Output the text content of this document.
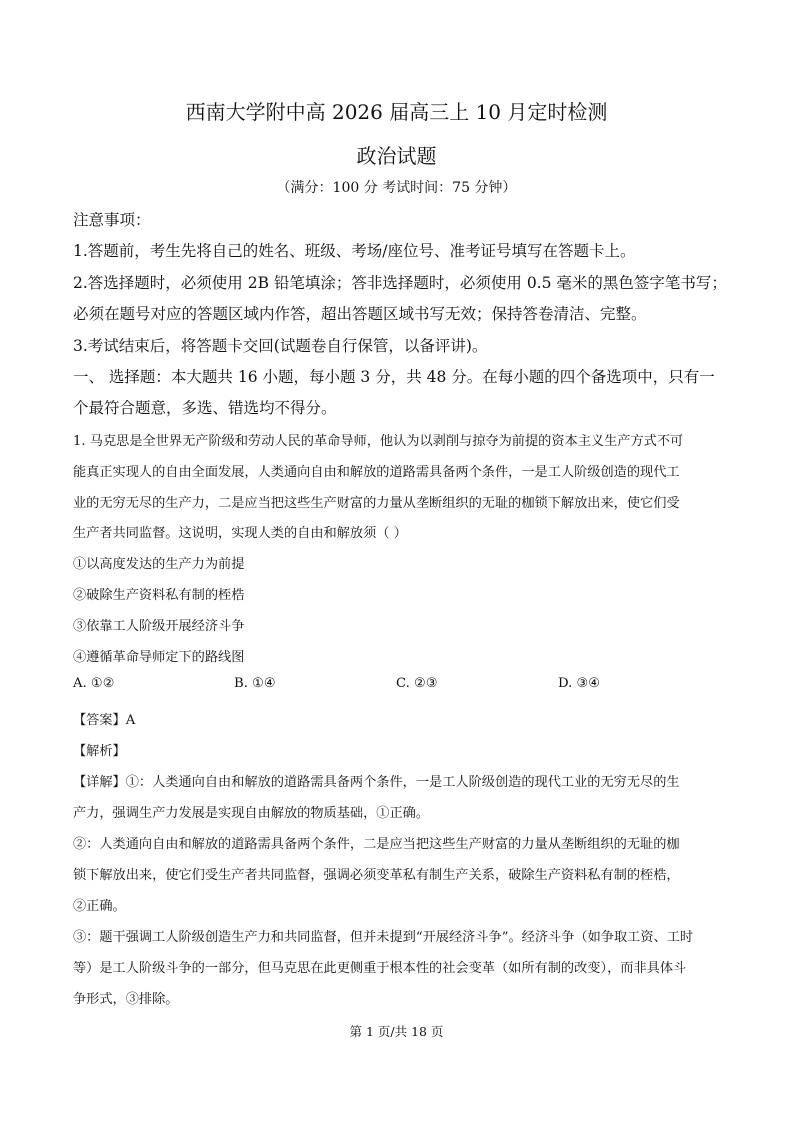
西南大学附中高 2026 届高三上 10 月定时检测
政治试题
（满分：100 分 考试时间：75 分钟）
注意事项：
1.答题前，考生先将自己的姓名、班级、考场/座位号、准考证号填写在答题卡上。
2.答选择题时，必须使用 2B 铅笔填涂；答非选择题时，必须使用 0.5 毫米的黑色签字笔书写；
必须在题号对应的答题区域内作答，超出答题区域书写无效；保持答卷清洁、完整。
3.考试结束后，将答题卡交回(试题卷自行保管，以备评讲)。
一、 选择题：本大题共 16 小题，每小题 3 分，共 48 分。在每小题的四个备选项中，只有一
个最符合题意，多选、错选均不得分。
1. 马克思是全世界无产阶级和劳动人民的革命导师，他认为以剥削与掠夺为前提的资本主义生产方式不可
能真正实现人的自由全面发展，人类通向自由和解放的道路需具备两个条件，一是工人阶级创造的现代工
业的无穷无尽的生产力，二是应当把这些生产财富的力量从垄断组织的无耻的枷锁下解放出来，使它们受
生产者共同监督。这说明，实现人类的自由和解放须（ ）
①以高度发达的生产力为前提
②破除生产资料私有制的桎梏
③依靠工人阶级开展经济斗争
④遵循革命导师定下的路线图
A. ①②	B. ①④	C. ②③	D. ③④
【答案】A
【解析】
【详解】①：人类通向自由和解放的道路需具备两个条件，一是工人阶级创造的现代工业的无穷无尽的生
产力，强调生产力发展是实现自由解放的物质基础，①正确。
②：人类通向自由和解放的道路需具备两个条件，二是应当把这些生产财富的力量从垄断组织的无耻的枷
锁下解放出来，使它们受生产者共同监督，强调必须变革私有制生产关系，破除生产资料私有制的桎梏，
②正确。
③：题干强调工人阶级创造生产力和共同监督，但并未提到“开展经济斗争”。经济斗争（如争取工资、工时
等）是工人阶级斗争的一部分，但马克思在此更侧重于根本性的社会变革（如所有制的改变），而非具体斗
争形式，③排除。
第 1 页/共 18 页
